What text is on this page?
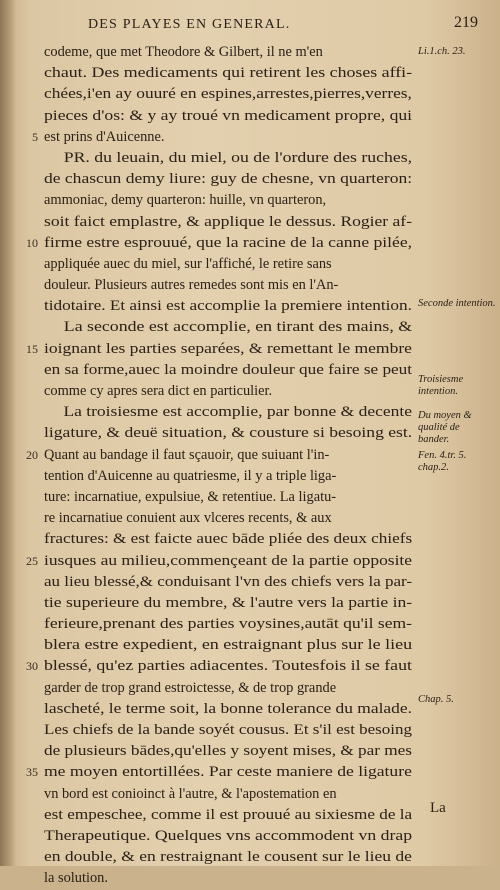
DES PLAYES EN GENERAL.	219
codeme, que met Theodore & Gilbert, il ne m'en
chaut. Des medicaments qui retirent les choses affi-
chées,i'en ay ouuré en espines,arrestes,pierres,verres,
pieces d'os: & y ay troué vn medicament propre, qui
5 est prins d'Auicenne.
PR. du leuain, du miel, ou de l'ordure des ruches,
de chascun demy liure: guy de chesne, vn quarteron:
ammoniac, demy quarteron: huille, vn quarteron,
soit faict emplastre, & applique le dessus. Rogier af-
10 firme estre esprouué, que la racine de la canne pilée,
appliquée auec du miel, sur l'affiché, le retire sans
douleur. Plusieurs autres remedes sont mis en l'An-
tidotaire. Et ainsi est accomplie la premiere intention.
La seconde est accomplie, en tirant des mains, &
15 ioignant les parties separées, & remettant le membre
en sa forme,auec la moindre douleur que faire se peut
comme cy apres sera dict en particulier.
La troisiesme est accomplie, par bonne & decente
ligature, & deuë situation, & cousture si besoing est.
20 Quant au bandage il faut sçauoir, que suiuant l'in-
tention d'Auicenne au quatriesme, il y a triple liga-
ture: incarnatiue, expulsiue, & retentiue. La ligatu-
re incarnatiue conuient aux vlceres recents, & aux
fractures: & est faicte auec bāde pliée des deux chiefs
25 iusques au milieu,commençeant de la partie opposite
au lieu blessé,& conduisant l'vn des chiefs vers la par-
tie superieure du membre, & l'autre vers la partie in-
ferieure,prenant des parties voysines,autāt qu'il sem-
blera estre expedient, en estraignant plus sur le lieu
30 blessé, qu'ez parties adiacentes. Toutesfois il se faut
garder de trop grand estroictesse, & de trop grande
lascheté, le terme soit, la bonne tolerance du malade.
Les chiefs de la bande soyét cousus. Et s'il est besoing
de plusieurs bādes,qu'elles y soyent mises, & par mes
35 me moyen entortillées. Par ceste maniere de ligature
vn bord est conioinct à l'autre, & l'apostemation en
est empeschee, comme il est prouué au sixiesme de la
Therapeutique. Quelques vns accommodent vn drap
en double, & en restraignant le cousent sur le lieu de
la solution.
Li.1.ch. 23.
Seconde intention.
Troisiesme intention.
Du moyen & qualité de bander.
Fen. 4.tr. 5. chap.2.
Chap. 5.
La
